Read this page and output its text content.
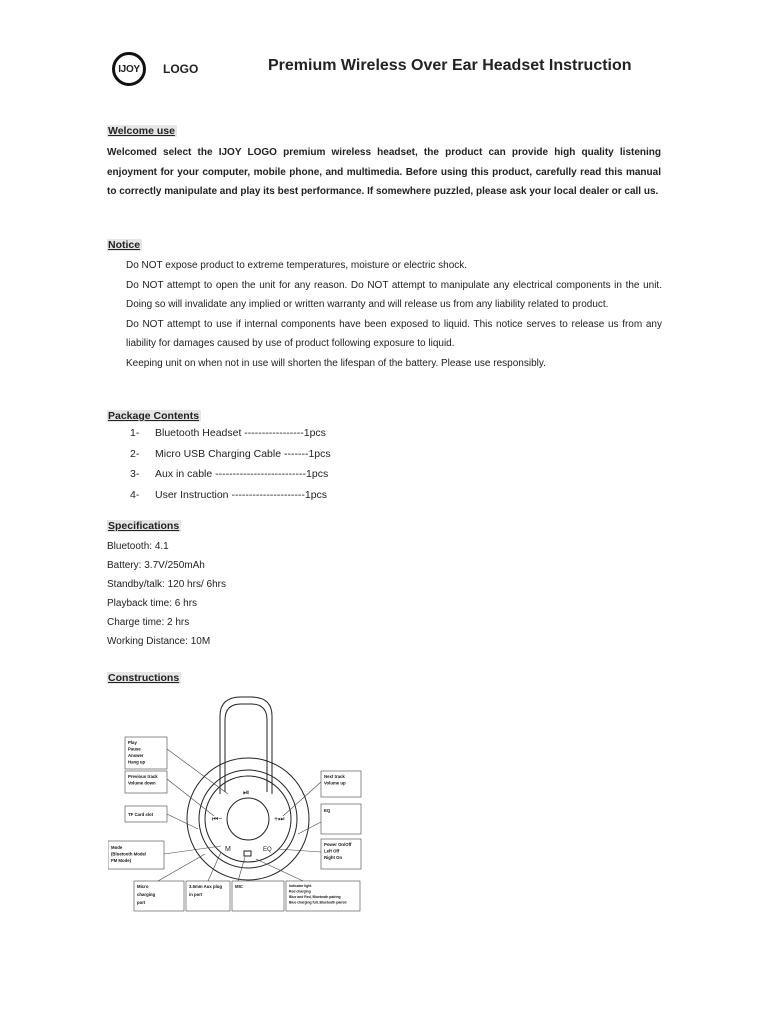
IJOY LOGO	Premium Wireless Over Ear Headset Instruction
Welcome use
Welcomed select the IJOY LOGO premium wireless headset, the product can provide high quality listening enjoyment for your computer, mobile phone, and multimedia. Before using this product, carefully read this manual to correctly manipulate and play its best performance. If somewhere puzzled, please ask your local dealer or call us.
Notice

Do NOT expose product to extreme temperatures, moisture or electric shock.

Do NOT attempt to open the unit for any reason. Do NOT attempt to manipulate any electrical components in the unit. Doing so will invalidate any implied or written warranty and will release us from any liability related to product.

Do NOT attempt to use if internal components have been exposed to liquid. This notice serves to release us from any liability for damages caused by use of product following exposure to liquid.

Keeping unit on when not in use will shorten the lifespan of the battery. Please use responsibly.

Package Contents
1-	Bluetooth Headset -----------------1pcs
2-	Micro USB Charging Cable -------1pcs
3-	Aux in cable --------------------------1pcs
4-	User Instruction ---------------------1pcs
Specifications
Bluetooth: 4.1
Battery: 3.7V/250mAh
Standby/talk: 120 hrs/ 6hrs
Playback time: 6 hrs
Charge time: 2 hrs
Working Distance: 10M
Constructions
⏯
⏮−	+⏭
M	EQ
Play Pause Answer Hang up
Previous track Volume down
TF Card slot
Mode (Bluetooth Mode/ FM Mode)
Micro charging port
3.5mm Aux plug in port
MIC	Indicator light Red charging Blue and Red, Bluetooth pairing Blue charging full, Bluetooth paired
Next track Volume up
EQ
Power On/Off Left Off Right On
